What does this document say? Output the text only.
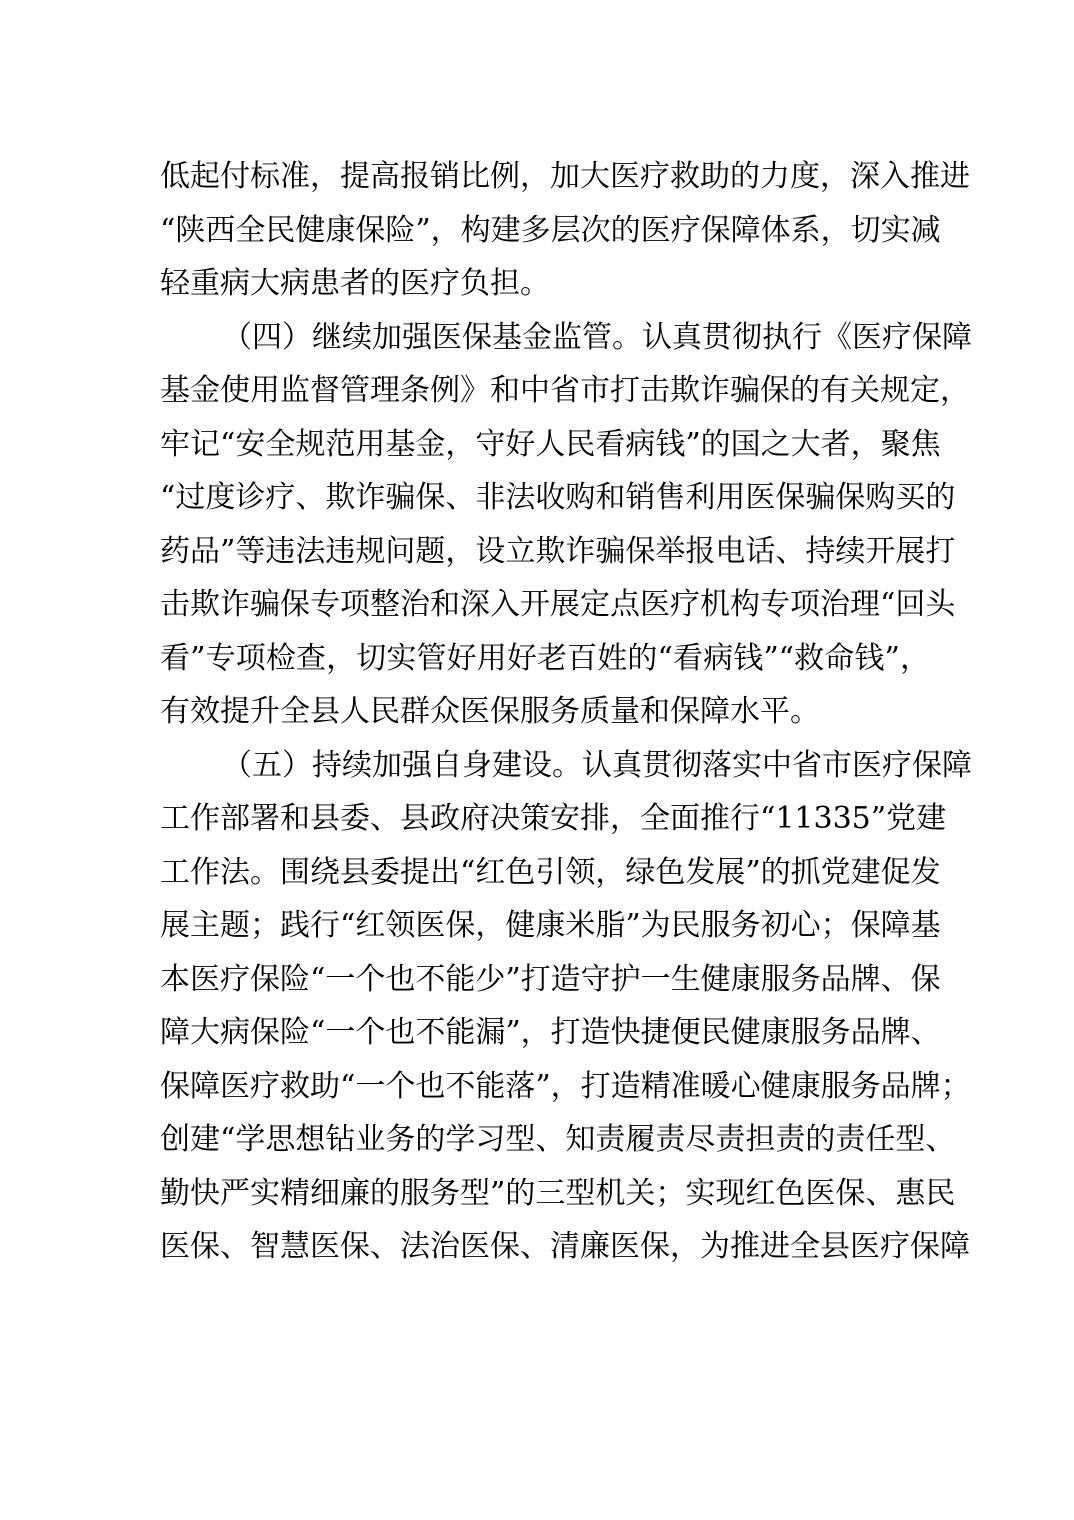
低起付标准，提高报销比例，加大医疗救助的力度，深入推进
“陕西全民健康保险”，构建多层次的医疗保障体系，切实减
轻重病大病患者的医疗负担。
（四）继续加强医保基金监管。认真贯彻执行《医疗保障
基金使用监督管理条例》和中省市打击欺诈骗保的有关规定，
牢记“安全规范用基金，守好人民看病钱”的国之大者，聚焦
“过度诊疗、欺诈骗保、非法收购和销售利用医保骗保购买的
药品”等违法违规问题，设立欺诈骗保举报电话、持续开展打
击欺诈骗保专项整治和深入开展定点医疗机构专项治理“回头
看”专项检查，切实管好用好老百姓的“看病钱”“救命钱”，
有效提升全县人民群众医保服务质量和保障水平。
（五）持续加强自身建设。认真贯彻落实中省市医疗保障
工作部署和县委、县政府决策安排，全面推行“11335”党建
工作法。围绕县委提出“红色引领，绿色发展”的抓党建促发
展主题；践行“红领医保，健康米脂”为民服务初心；保障基
本医疗保险“一个也不能少”打造守护一生健康服务品牌、保
障大病保险“一个也不能漏”，打造快捷便民健康服务品牌、
保障医疗救助“一个也不能落”，打造精准暖心健康服务品牌；
创建“学思想钻业务的学习型、知责履责尽责担责的责任型、
勤快严实精细廉的服务型”的三型机关；实现红色医保、惠民
医保、智慧医保、法治医保、清廉医保，为推进全县医疗保障
